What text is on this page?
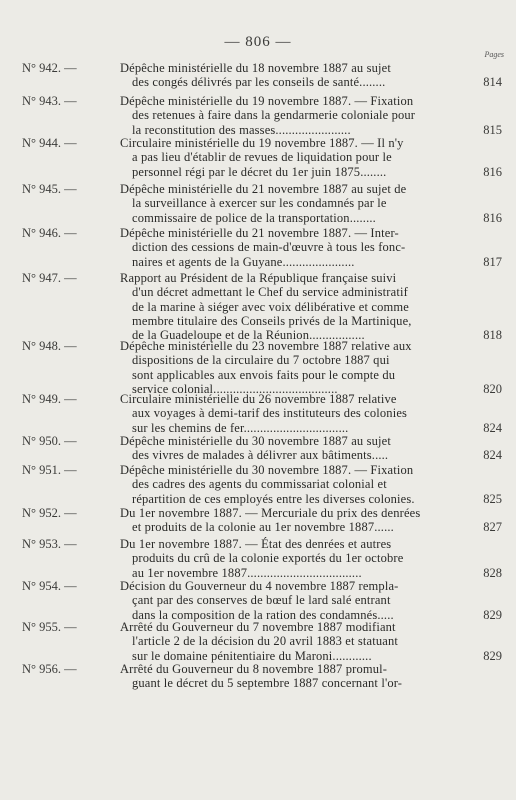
— 806 —
Pages
N° 942. —	Dépêche ministérielle du 18 novembre 1887 au sujet
des congés délivrés par les conseils de santé........	814
N° 943. —	Dépêche ministérielle du 19 novembre 1887. — Fixation
des retenues à faire dans la gendarmerie coloniale pour
la reconstitution des masses.......................	815
N° 944. —	Circulaire ministérielle du 19 novembre 1887. — Il n'y
a pas lieu d'établir de revues de liquidation pour le
personnel régi par le décret du 1er juin 1875........	816
N° 945. —	Dépêche ministérielle du 21 novembre 1887 au sujet de
la surveillance à exercer sur les condamnés par le
commissaire de police de la transportation........	816
N° 946. —	Dépêche ministérielle du 21 novembre 1887. — Inter-
diction des cessions de main-d'œuvre à tous les fonc-
naires et agents de la Guyane......................	817
N° 947. —	Rapport au Président de la République française suivi
d'un décret admettant le Chef du service administratif
de la marine à siéger avec voix délibérative et comme
membre titulaire des Conseils privés de la Martinique,
de la Guadeloupe et de la Réunion.................	818
N° 948. —	Dépêche ministérielle du 23 novembre 1887 relative aux
dispositions de la circulaire du 7 octobre 1887 qui
sont applicables aux envois faits pour le compte du
service colonial......................................	820
N° 949. —	Circulaire ministérielle du 26 novembre 1887 relative
aux voyages à demi-tarif des instituteurs des colonies
sur les chemins de fer................................	824
N° 950. —	Dépêche ministérielle du 30 novembre 1887 au sujet
des vivres de malades à délivrer aux bâtiments.....	824
N° 951. —	Dépêche ministérielle du 30 novembre 1887. — Fixation
des cadres des agents du commissariat colonial et
répartition de ces employés entre les diverses colonies.	825
N° 952. —	Du 1er novembre 1887. — Mercuriale du prix des denrées
et produits de la colonie au 1er novembre 1887......	827
N° 953. —	Du 1er novembre 1887. — État des denrées et autres
produits du crû de la colonie exportés du 1er octobre
au 1er novembre 1887...................................	828
N° 954. —	Décision du Gouverneur du 4 novembre 1887 rempla-
çant par des conserves de bœuf le lard salé entrant
dans la composition de la ration des condamnés.....	829
N° 955. —	Arrêté du Gouverneur du 7 novembre 1887 modifiant
l'article 2 de la décision du 20 avril 1883 et statuant
sur le domaine pénitentiaire du Maroni............	829
N° 956. —	Arrêté du Gouverneur du 8 novembre 1887 promul-
guant le décret du 5 septembre 1887 concernant l'or-
